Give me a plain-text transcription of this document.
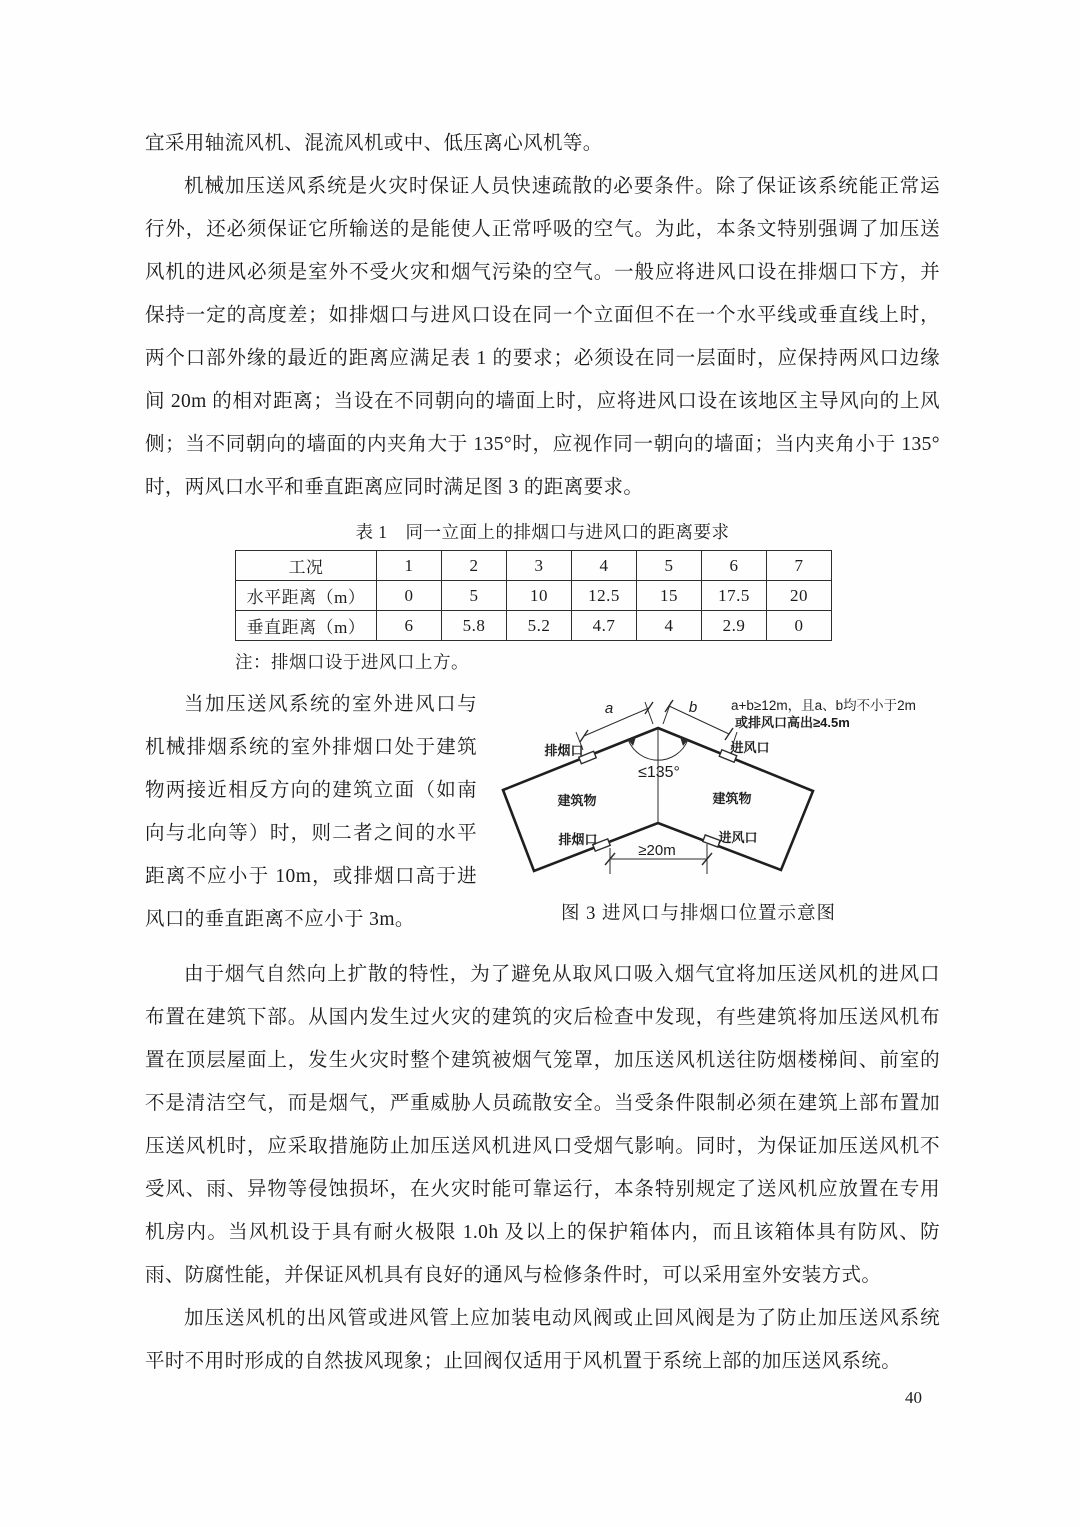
宜采用轴流风机、混流风机或中、低压离心风机等。

机械加压送风系统是火灾时保证人员快速疏散的必要条件。除了保证该系统能正常运行外，还必须保证它所输送的是能使人正常呼吸的空气。为此，本条文特别强调了加压送风机的进风必须是室外不受火灾和烟气污染的空气。一般应将进风口设在排烟口下方，并保持一定的高度差；如排烟口与进风口设在同一个立面但不在一个水平线或垂直线上时，两个口部外缘的最近的距离应满足表 1 的要求；必须设在同一层面时，应保持两风口边缘间 20m 的相对距离；当设在不同朝向的墙面上时，应将进风口设在该地区主导风向的上风侧；当不同朝向的墙面的内夹角大于 135°时，应视作同一朝向的墙面；当内夹角小于 135°时，两风口水平和垂直距离应同时满足图 3 的距离要求。

表 1　同一立面上的排烟口与进风口的距离要求
工况	1	2	3	4	5	6	7
水平距离（m）	0	5	10	12.5	15	17.5	20
垂直距离（m）	6	5.8	5.2	4.7	4	2.9	0
注：排烟口设于进风口上方。

当加压送风系统的室外进风口与机械排烟系统的室外排烟口处于建筑物两接近相反方向的建筑立面（如南向与北向等）时，则二者之间的水平距离不应小于 10m，或排烟口高于进风口的垂直距离不应小于 3m。

a	b
≤135°
排烟口	进风口
建筑物	建筑物
排烟口	进风口
≥20m
a+b≥12m，且a、b均不小于2m
或排风口高出≥4.5m
图 3 进风口与排烟口位置示意图

由于烟气自然向上扩散的特性，为了避免从取风口吸入烟气宜将加压送风机的进风口布置在建筑下部。从国内发生过火灾的建筑的灾后检查中发现，有些建筑将加压送风机布置在顶层屋面上，发生火灾时整个建筑被烟气笼罩，加压送风机送往防烟楼梯间、前室的不是清洁空气，而是烟气，严重威胁人员疏散安全。当受条件限制必须在建筑上部布置加压送风机时，应采取措施防止加压送风机进风口受烟气影响。同时，为保证加压送风机不受风、雨、异物等侵蚀损坏，在火灾时能可靠运行，本条特别规定了送风机应放置在专用机房内。当风机设于具有耐火极限 1.0h 及以上的保护箱体内，而且该箱体具有防风、防雨、防腐性能，并保证风机具有良好的通风与检修条件时，可以采用室外安装方式。

加压送风机的出风管或进风管上应加装电动风阀或止回风阀是为了防止加压送风系统平时不用时形成的自然拔风现象；止回阀仅适用于风机置于系统上部的加压送风系统。

40
